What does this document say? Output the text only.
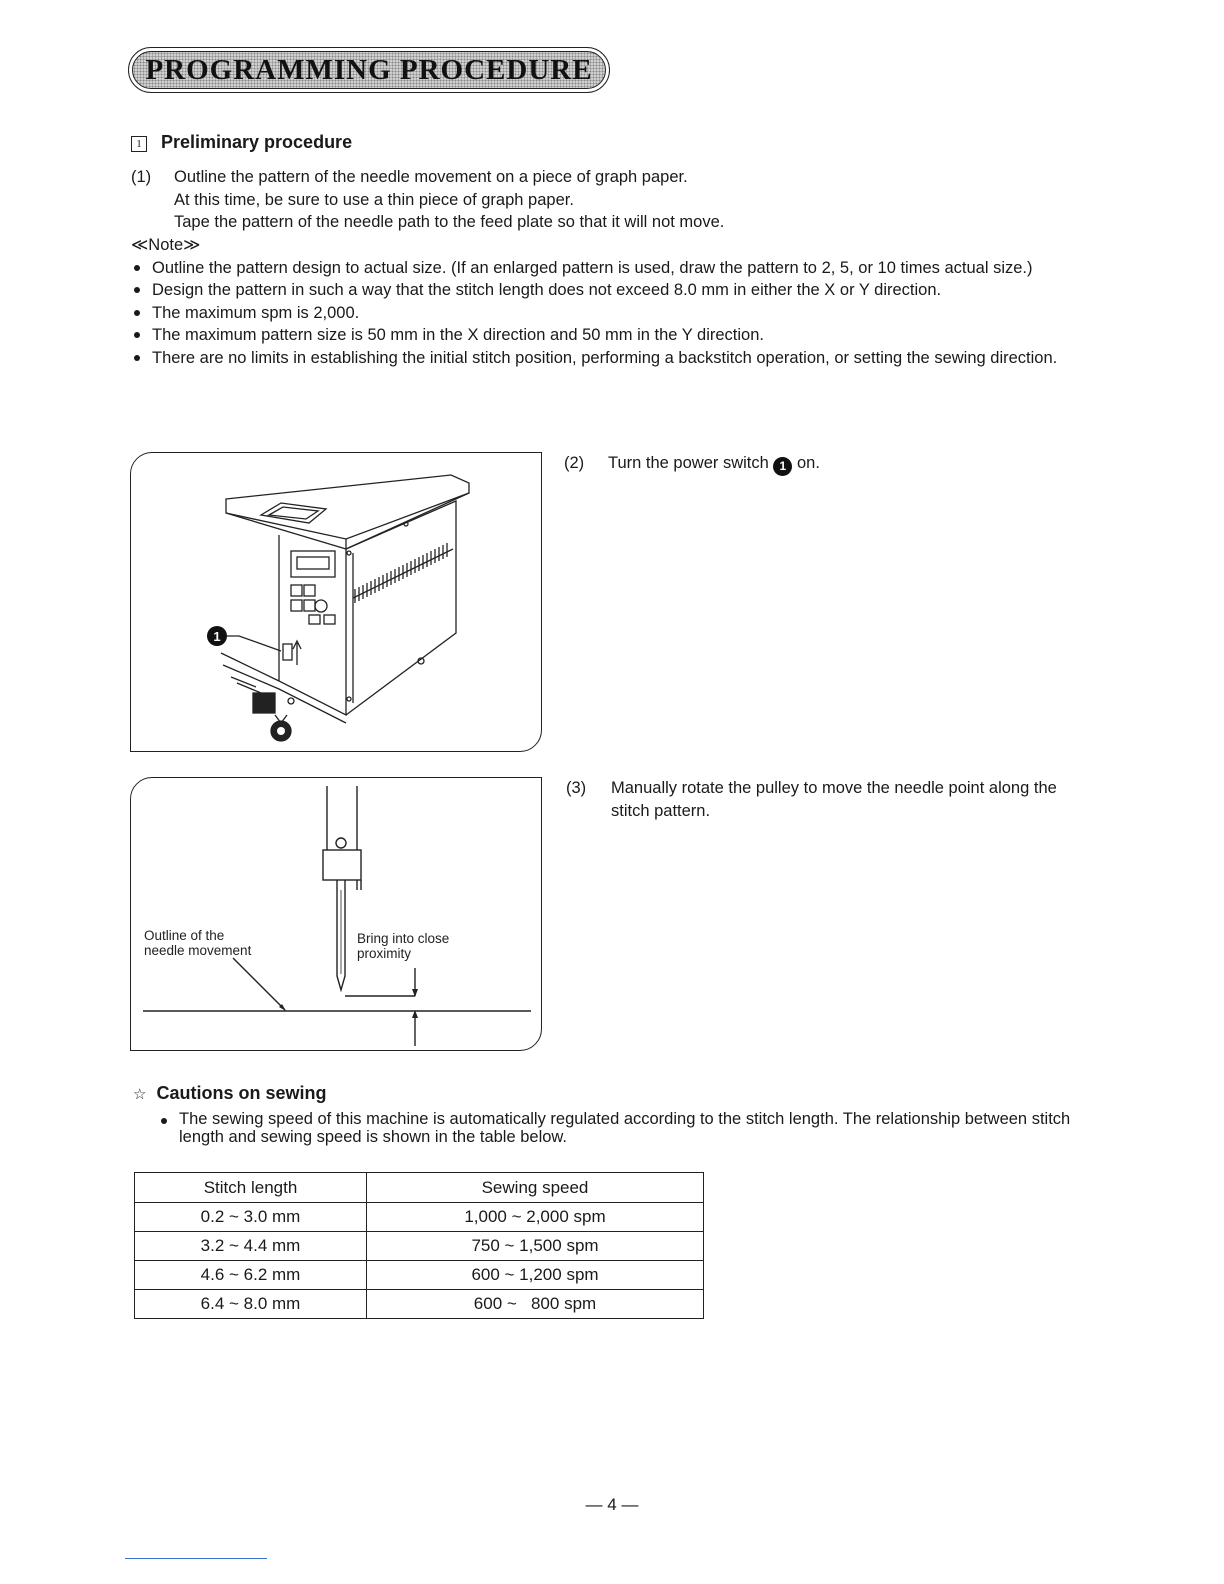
PROGRAMMING PROCEDURE
1 Preliminary procedure
(1) Outline the pattern of the needle movement on a piece of graph paper.
At this time, be sure to use a thin piece of graph paper.
Tape the pattern of the needle path to the feed plate so that it will not move.
≪Note≫
Outline the pattern design to actual size. (If an enlarged pattern is used, draw the pattern to 2, 5, or 10 times actual size.)
Design the pattern in such a way that the stitch length does not exceed 8.0 mm in either the X or Y direction.
The maximum spm is 2,000.
The maximum pattern size is 50 mm in the X direction and 50 mm in the Y direction.
There are no limits in establishing the initial stitch position, performing a backstitch operation, or setting the sewing direction.
1
(2)	Turn the power switch 1 on.
Outline of the
needle movement
Bring into close
proximity
(3)	Manually rotate the pulley to move the needle point along the stitch pattern.
☆ Cautions on sewing
The sewing speed of this machine is automatically regulated according to the stitch length. The relationship between stitch length and sewing speed is shown in the table below.
Stitch length	Sewing speed
0.2 ~ 3.0 mm	1,000 ~ 2,000 spm
3.2 ~ 4.4 mm	750 ~ 1,500 spm
4.6 ~ 6.2 mm	600 ~ 1,200 spm
6.4 ~ 8.0 mm	600 ~   800 spm
— 4 —
